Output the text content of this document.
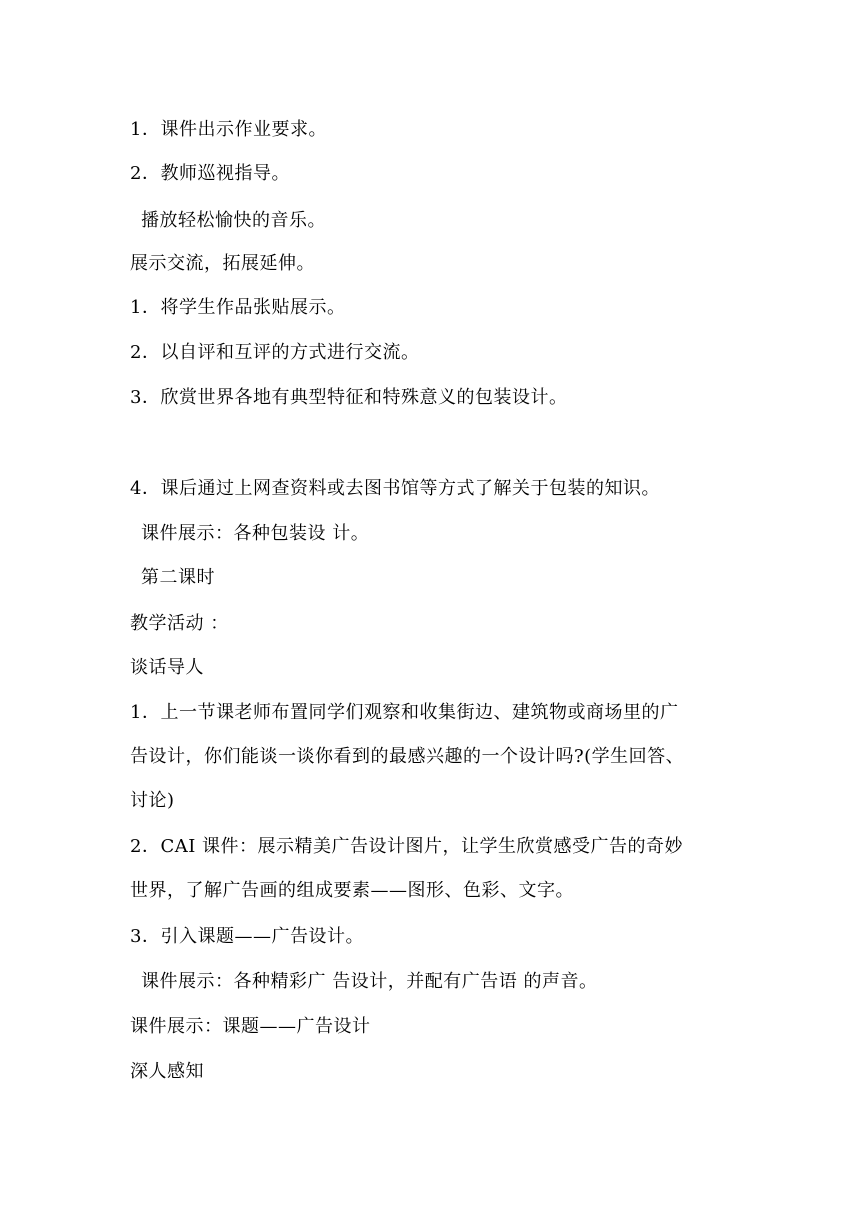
1．课件出示作业要求。
2．教师巡视指导。
播放轻松愉快的音乐。
展示交流，拓展延伸。
1．将学生作品张贴展示。
2．以自评和互评的方式进行交流。
3．欣赏世界各地有典型特征和特殊意义的包装设计。
4．课后通过上网查资料或去图书馆等方式了解关于包装的知识。
课件展示：各种包装设 计。
第二课时
教学活动 ：
谈话导人
1．上一节课老师布置同学们观察和收集街边、建筑物或商场里的广
告设计，你们能谈一谈你看到的最感兴趣的一个设计吗?(学生回答、
讨论)
2．CAI 课件：展示精美广告设计图片，让学生欣赏感受广告的奇妙
世界，了解广告画的组成要素——图形、色彩、文字。
3．引入课题——广告设计。
课件展示：各种精彩广 告设计，并配有广告语 的声音。
课件展示：课题——广告设计
深人感知
